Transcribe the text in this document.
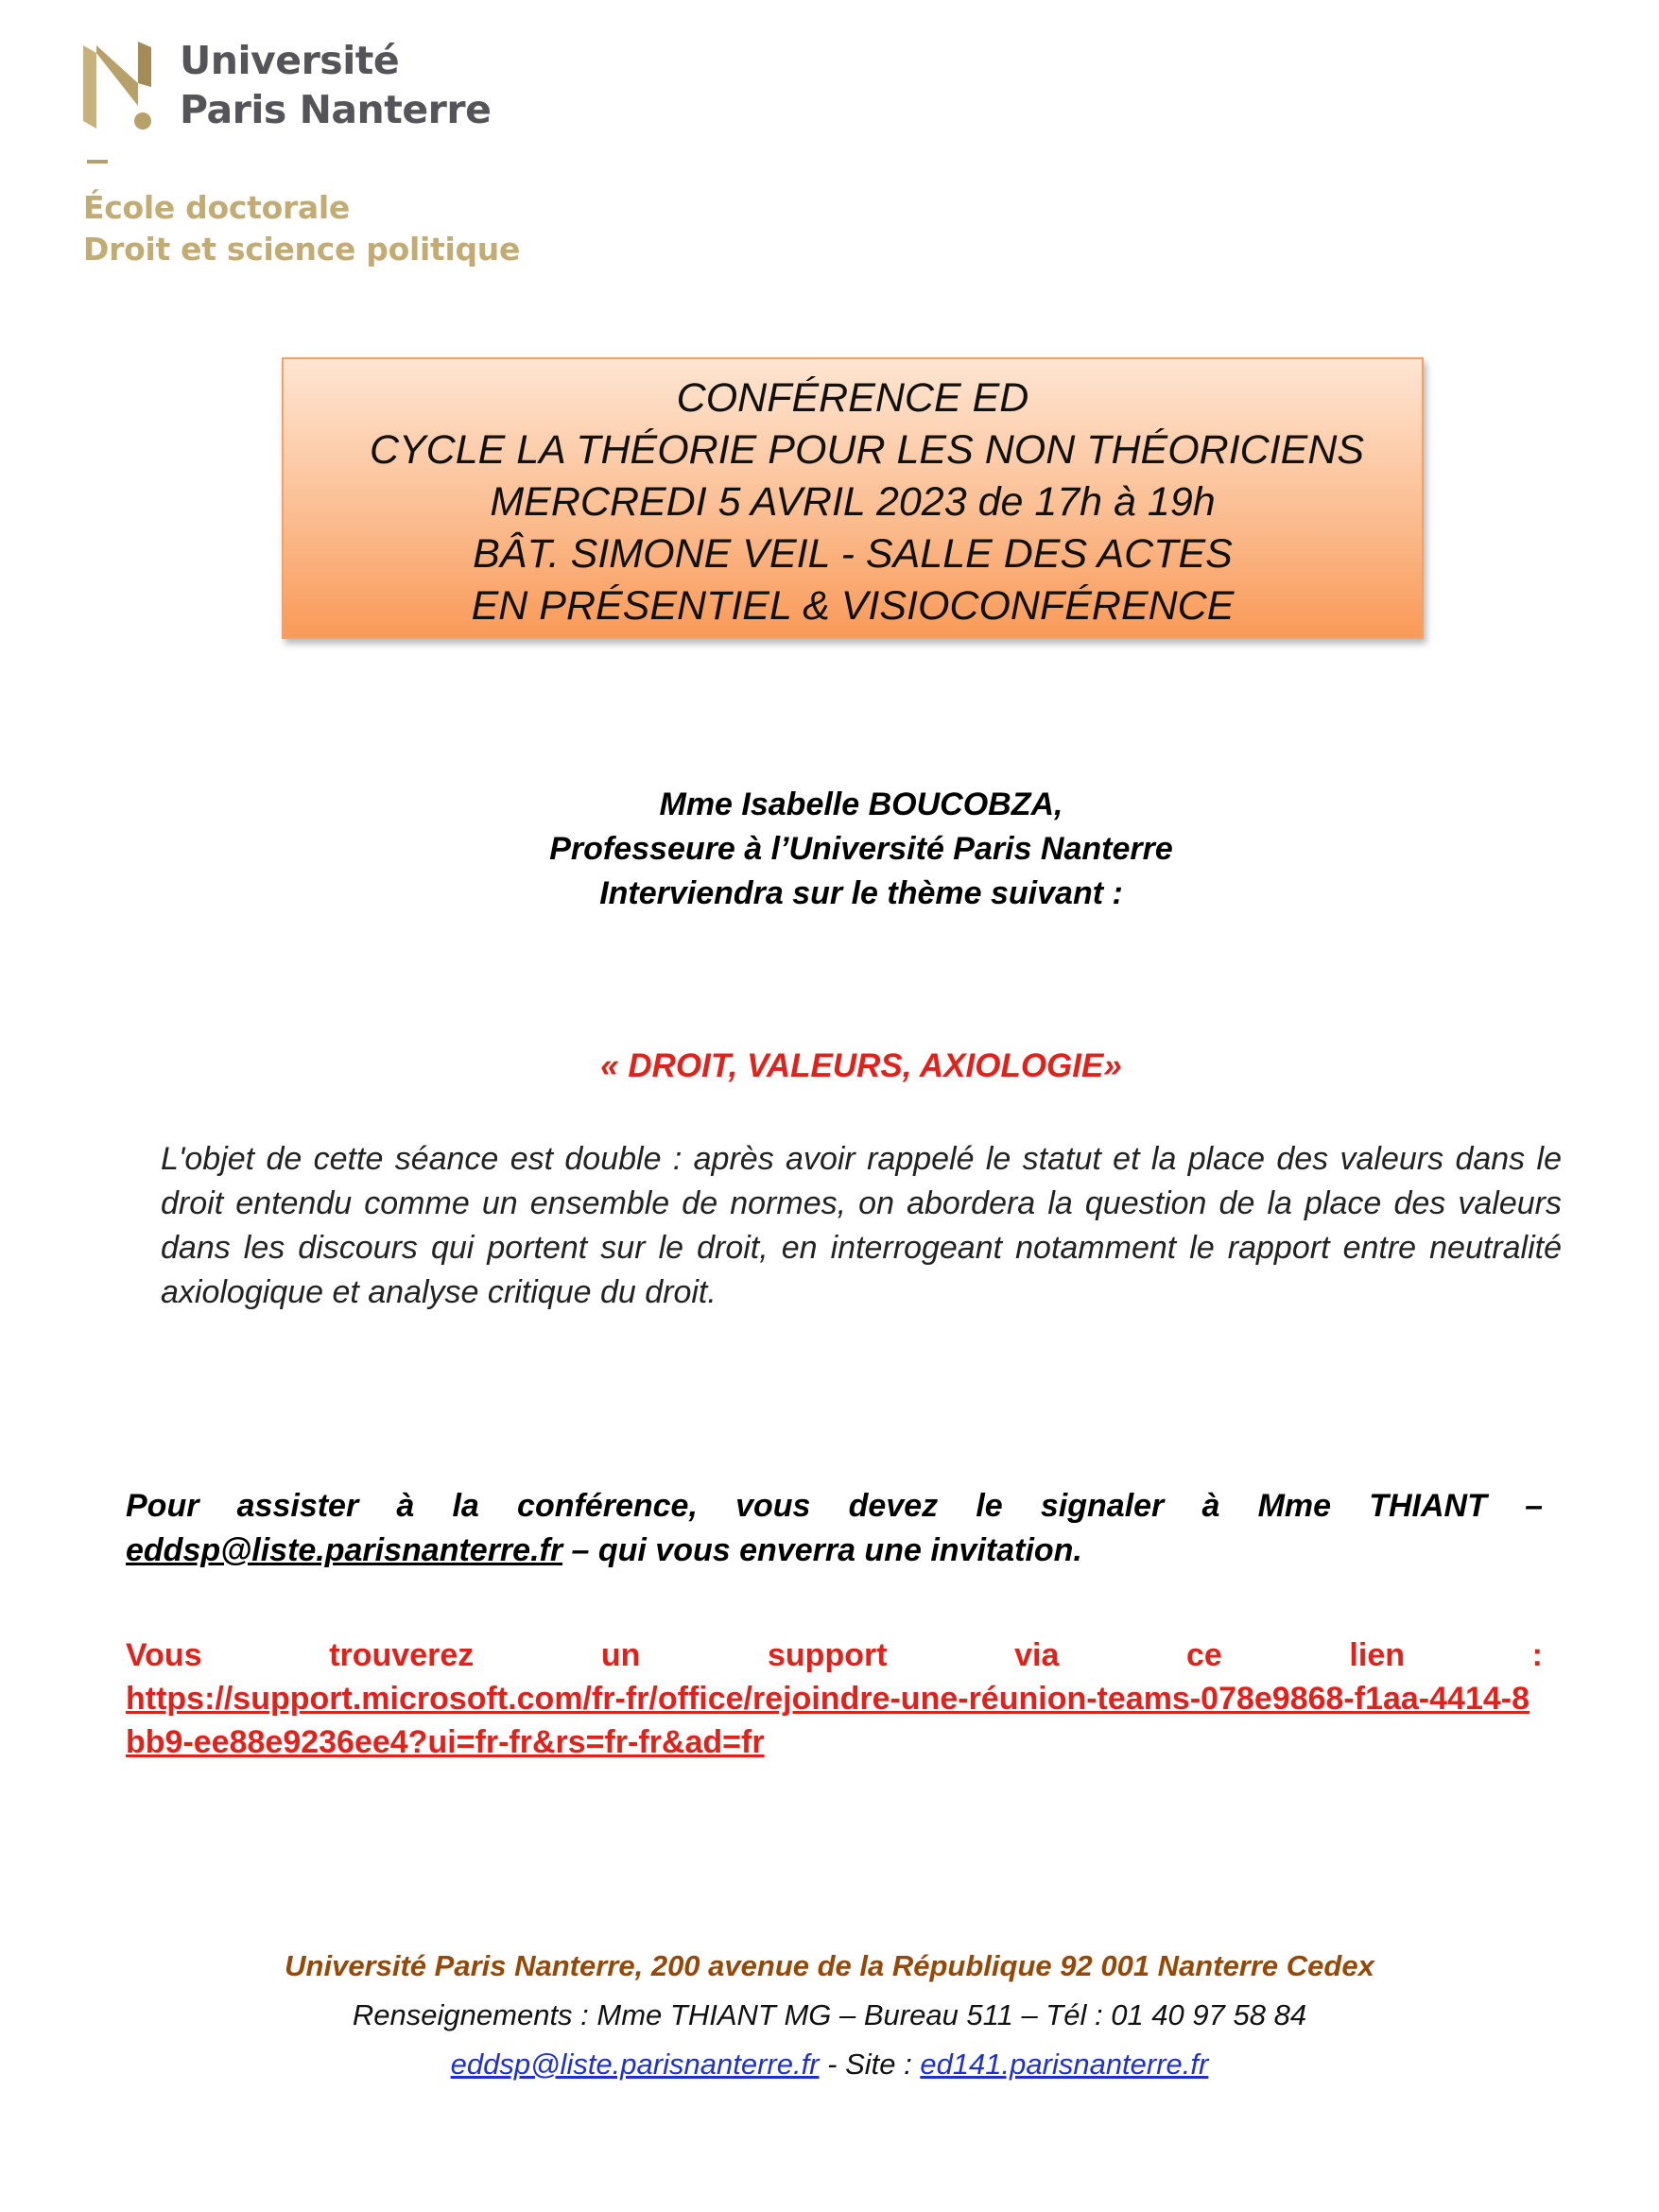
Université
Paris Nanterre
École doctorale
Droit et science politique
CONFÉRENCE ED
CYCLE LA THÉORIE POUR LES NON THÉORICIENS
MERCREDI 5 AVRIL 2023 de 17h à 19h
BÂT. SIMONE VEIL - SALLE DES ACTES
EN PRÉSENTIEL & VISIOCONFÉRENCE
Mme Isabelle BOUCOBZA,
Professeure à l’Université Paris Nanterre
Interviendra sur le thème suivant :
« DROIT, VALEURS, AXIOLOGIE»
L'objet de cette séance est double : après avoir rappelé le statut et la place des valeurs dans le droit entendu comme un ensemble de normes, on abordera la question de la place des valeurs dans les discours qui portent sur le droit, en interrogeant notamment le rapport entre neutralité axiologique et analyse critique du droit.
Pour assister à la conférence, vous devez le signaler à Mme THIANT – eddsp@liste.parisnanterre.fr – qui vous enverra une invitation.
Vous	trouverez	un	support	via	ce	lien	:
https://support.microsoft.com/fr-fr/office/rejoindre-une-réunion-teams-078e9868-f1aa-4414-8bb9-ee88e9236ee4?ui=fr-fr&rs=fr-fr&ad=fr
Université Paris Nanterre, 200 avenue de la République 92 001 Nanterre Cedex
Renseignements : Mme THIANT MG – Bureau 511 – Tél : 01 40 97 58 84
eddsp@liste.parisnanterre.fr - Site : ed141.parisnanterre.fr
